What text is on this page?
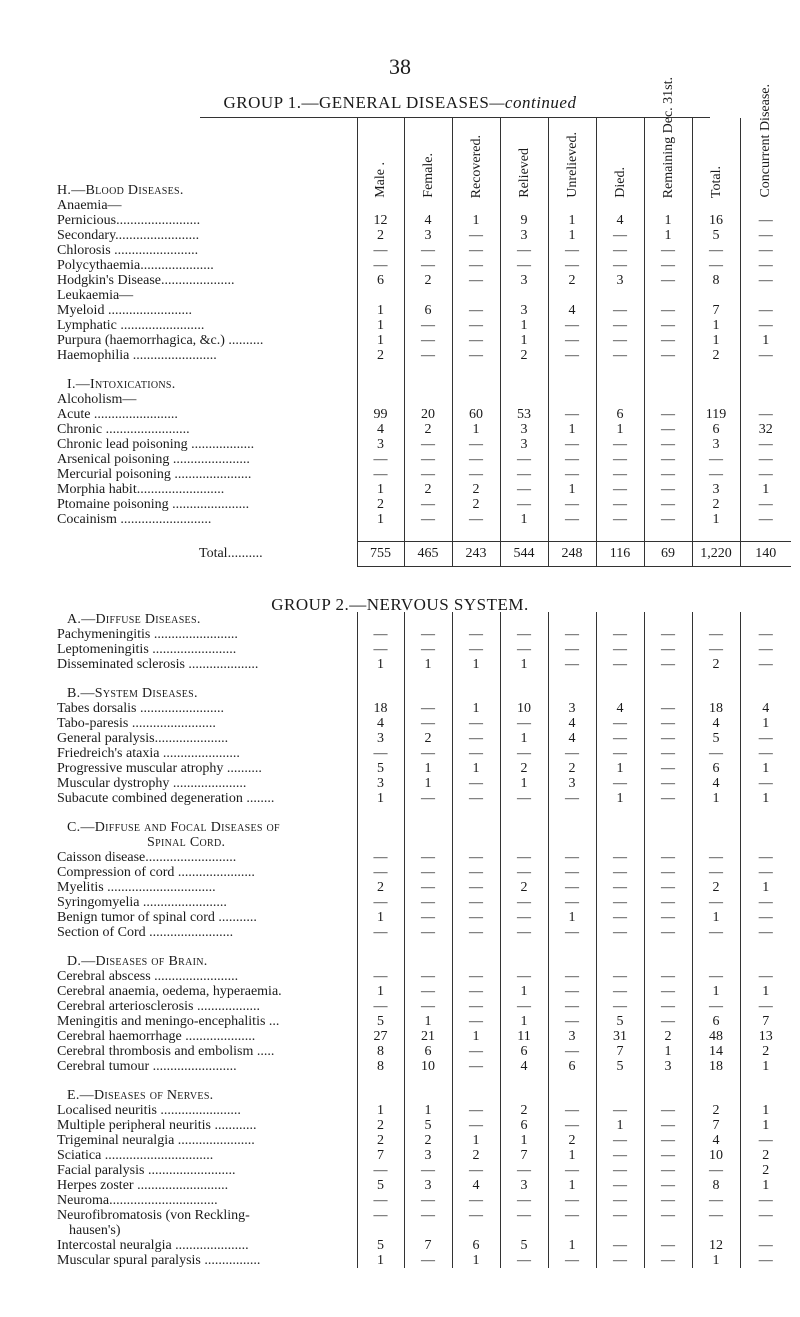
38
GROUP 1.—GENERAL DISEASES—continued
H.—Blood Diseases.	Male .	Female.	Recovered.	Relieved	Unrelieved.	Died.	Remaining Dec. 31st.	Total.	Concurrent Disease.

Anaemia—									
Pernicious........................	12	4	1	9	1	4	1	16	—
Secondary........................	2	3	—	3	1	—	1	5	—
Chlorosis ........................	—	—	—	—	—	—	—	—	—
Polycythaemia.....................	—	—	—	—	—	—	—	—	—
Hodgkin's Disease.....................	6	2	—	3	2	3	—	8	—
Leukaemia—									
Myeloid ........................	1	6	—	3	4	—	—	7	—
Lymphatic ........................	1	—	—	1	—	—	—	1	—
Purpura (haemorrhagica, &c.) ..........	1	—	—	1	—	—	—	1	1
Haemophilia ........................	2	—	—	2	—	—	—	2	—

I.—Intoxications.									
Alcoholism—									
Acute ........................	99	20	60	53	—	6	—	119	—
Chronic ........................	4	2	1	3	1	1	—	6	32
Chronic lead poisoning ..................	3	—	—	3	—	—	—	3	—
Arsenical poisoning ......................	—	—	—	—	—	—	—	—	—
Mercurial poisoning ......................	—	—	—	—	—	—	—	—	—
Morphia habit.........................	1	2	2	—	1	—	—	3	1
Ptomaine poisoning ......................	2	—	2	—	—	—	—	2	—
Cocainism ..........................	1	—	—	1	—	—	—	1	—

Total..........	755	465	243	544	248	116	69	1,220	140
GROUP 2.—NERVOUS SYSTEM.
A.—Diffuse Diseases.									
Pachymeningitis ........................	—	—	—	—	—	—	—	—	—
Leptomeningitis ........................	—	—	—	—	—	—	—	—	—
Disseminated sclerosis ....................	1	1	1	1	—	—	—	2	—

B.—System Diseases.									
Tabes dorsalis ........................	18	—	1	10	3	4	—	18	4
Tabo-paresis ........................	4	—	—	—	4	—	—	4	1
General paralysis.....................	3	2	—	1	4	—	—	5	—
Friedreich's ataxia ......................	—	—	—	—	—	—	—	—	—
Progressive muscular atrophy ..........	5	1	1	2	2	1	—	6	1
Muscular dystrophy .....................	3	1	—	1	3	—	—	4	—
Subacute combined degeneration ........	1	—	—	—	—	1	—	1	1

C.—Diffuse and Focal Diseases of									
Spinal Cord.									
Caisson disease..........................	—	—	—	—	—	—	—	—	—
Compression of cord ......................	—	—	—	—	—	—	—	—	—
Myelitis ...............................	2	—	—	2	—	—	—	2	1
Syringomyelia ........................	—	—	—	—	—	—	—	—	—
Benign tumor of spinal cord ...........	1	—	—	—	1	—	—	1	—
Section of Cord ........................	—	—	—	—	—	—	—	—	—

D.—Diseases of Brain.									
Cerebral abscess ........................	—	—	—	—	—	—	—	—	—
Cerebral anaemia, oedema, hyperaemia.	1	—	—	1	—	—	—	1	1
Cerebral arteriosclerosis ..................	—	—	—	—	—	—	—	—	—
Meningitis and meningo-encephalitis ...	5	1	—	1	—	5	—	6	7
Cerebral haemorrhage ....................	27	21	1	11	3	31	2	48	13
Cerebral thrombosis and embolism .....	8	6	—	6	—	7	1	14	2
Cerebral tumour ........................	8	10	—	4	6	5	3	18	1

E.—Diseases of Nerves.									
Localised neuritis .......................	1	1	—	2	—	—	—	2	1
Multiple peripheral neuritis ............	2	5	—	6	—	1	—	7	1
Trigeminal neuralgia ......................	2	2	1	1	2	—	—	4	—
Sciatica ...............................	7	3	2	7	1	—	—	10	2
Facial paralysis .........................	—	—	—	—	—	—	—	—	2
Herpes zoster ..........................	5	3	4	3	1	—	—	8	1
Neuroma...............................	—	—	—	—	—	—	—	—	—
Neurofibromatosis (von Reckling-	—	—	—	—	—	—	—	—	—
hausen's)									
Intercostal neuralgia .....................	5	7	6	5	1	—	—	12	—
Muscular spural paralysis ................	1	—	1	—	—	—	—	1	—
